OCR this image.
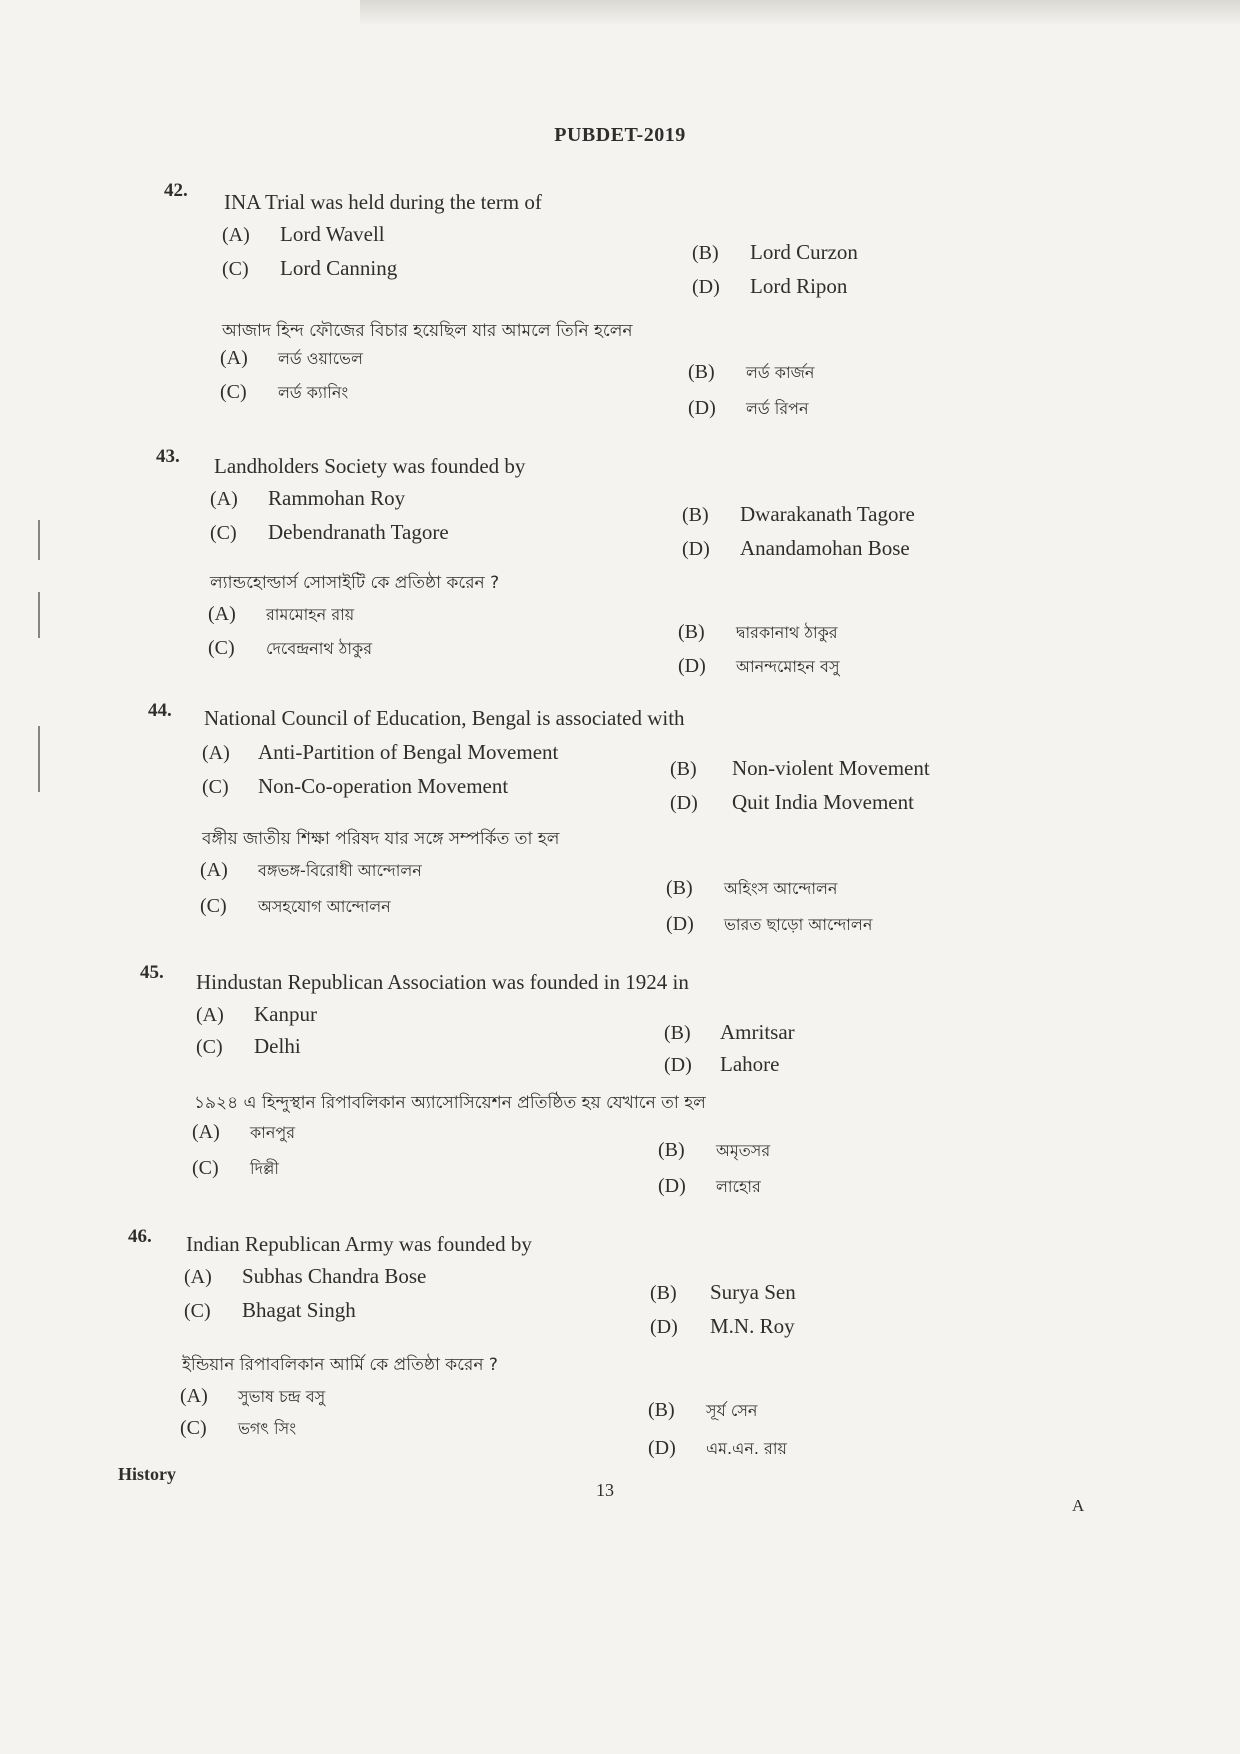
PUBDET-2019
42. INA Trial was held during the term of
(A) Lord Wavell
(B) Lord Curzon
(C) Lord Canning
(D) Lord Ripon
আজাদ হিন্দ ফৌজের বিচার হয়েছিল যার আমলে তিনি হলেন
(A) লর্ড ওয়াভেল
(B) লর্ড কার্জন
(C) লর্ড ক্যানিং
(D) লর্ড রিপন
43. Landholders Society was founded by
(A) Rammohan Roy
(B) Dwarakanath Tagore
(C) Debendranath Tagore
(D) Anandamohan Bose
ল্যান্ডহোল্ডার্স সোসাইটি কে প্রতিষ্ঠা করেন ?
(A) রামমোহন রায়
(B) দ্বারকানাথ ঠাকুর
(C) দেবেন্দ্রনাথ ঠাকুর
(D) আনন্দমোহন বসু
44. National Council of Education, Bengal is associated with
(A) Anti-Partition of Bengal Movement
(B) Non-violent Movement
(C) Non-Co-operation Movement
(D) Quit India Movement
বঙ্গীয় জাতীয় শিক্ষা পরিষদ যার সঙ্গে সম্পর্কিত তা হল
(A) বঙ্গভঙ্গ-বিরোধী আন্দোলন
(B) অহিংস আন্দোলন
(C) অসহযোগ আন্দোলন
(D) ভারত ছাড়ো আন্দোলন
45. Hindustan Republican Association was founded in 1924 in
(A) Kanpur
(B) Amritsar
(C) Delhi
(D) Lahore
১৯২৪ এ হিন্দুস্থান রিপাবলিকান অ্যাসোসিয়েশন প্রতিষ্ঠিত হয় যেখানে তা হল
(A) কানপুর
(B) অমৃতসর
(C) দিল্লী
(D) লাহোর
46. Indian Republican Army was founded by
(A) Subhas Chandra Bose
(B) Surya Sen
(C) Bhagat Singh
(D) M.N. Roy
ইন্ডিয়ান রিপাবলিকান আর্মি কে প্রতিষ্ঠা করেন ?
(A) সুভাষ চন্দ্র বসু
(B) সূর্য সেন
(C) ভগৎ সিং
(D) এম.এন. রায়
History
13
A
